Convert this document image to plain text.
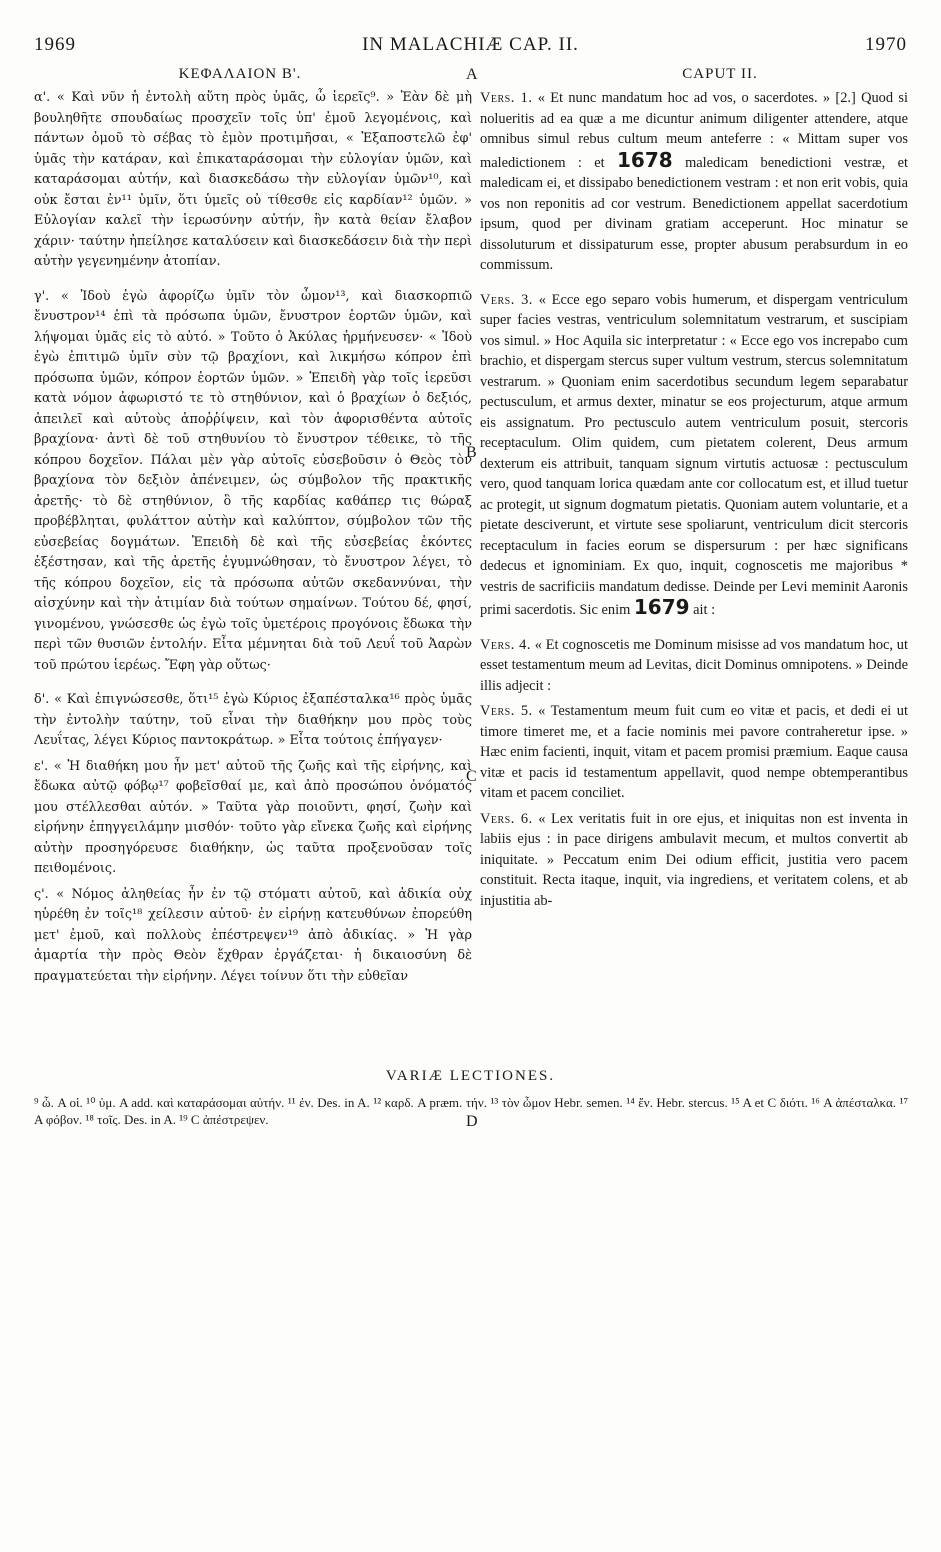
1969	IN MALACHIÆ CAP. II.	1970
ΚΕΦΑΛΑΙΟΝ Β'.	CAPUT II.
A
B
C
D

α'. « Καὶ νῦν ἡ ἐντολὴ αὕτη πρὸς ὑμᾶς, ὦ ἱερεῖς⁹. » Ἐὰν δὲ μὴ βουληθῆτε σπουδαίως προσχεῖν τοῖς ὑπ' ἐμοῦ λεγομένοις, καὶ πάντων ὁμοῦ τὸ σέβας τὸ ἐμὸν προτιμῆσαι, « Ἐξαποστελῶ ἐφ' ὑμᾶς τὴν κατάραν, καὶ ἐπικαταράσομαι τὴν εὐλογίαν ὑμῶν, καὶ καταράσομαι αὐτήν, καὶ διασκεδάσω τὴν εὐλογίαν ὑμῶν¹⁰, καὶ οὐκ ἔσται ἐν¹¹ ὑμῖν, ὅτι ὑμεῖς οὐ τίθεσθε εἰς καρδίαν¹² ὑμῶν. » Εὐλογίαν καλεῖ τὴν ἱερωσύνην αὐτήν, ἣν κατὰ θείαν ἔλαβον χάριν· ταύτην ἠπείλησε καταλύσειν καὶ διασκεδάσειν διὰ τὴν περὶ αὐτὴν γεγενημένην ἀτοπίαν.

γ'. « Ἰδοὺ ἐγὼ ἀφορίζω ὑμῖν τὸν ὦμον¹³, καὶ διασκορπιῶ ἔνυστρον¹⁴ ἐπὶ τὰ πρόσωπα ὑμῶν, ἔνυστρον ἑορτῶν ὑμῶν, καὶ λήψομαι ὑμᾶς εἰς τὸ αὐτό. » Τοῦτο ὁ Ἀκύλας ἡρμήνευσεν· « Ἰδοὺ ἐγὼ ἐπιτιμῶ ὑμῖν σὺν τῷ βραχίονι, καὶ λικμήσω κόπρον ἐπὶ πρόσωπα ὑμῶν, κόπρον ἑορτῶν ὑμῶν. » Ἐπειδὴ γὰρ τοῖς ἱερεῦσι κατὰ νόμον ἀφωριστό τε τὸ στηθύνιον, καὶ ὁ βραχίων ὁ δεξιός, ἀπειλεῖ καὶ αὐτοὺς ἀποῤῥίψειν, καὶ τὸν ἀφορισθέντα αὐτοῖς βραχίονα· ἀντὶ δὲ τοῦ στηθυνίου τὸ ἔνυστρον τέθεικε, τὸ τῆς κόπρου δοχεῖον. Πάλαι μὲν γὰρ αὐτοῖς εὐσεβοῦσιν ὁ Θεὸς τὸν βραχίονα τὸν δεξιὸν ἀπένειμεν, ὡς σύμβολον τῆς πρακτικῆς ἀρετῆς· τὸ δὲ στηθύνιον, ὃ τῆς καρδίας καθάπερ τις θώραξ προβέβληται, φυλάττον αὐτὴν καὶ καλύπτον, σύμβολον τῶν τῆς εὐσεβείας δογμάτων. Ἐπειδὴ δὲ καὶ τῆς εὐσεβείας ἑκόντες ἐξέστησαν, καὶ τῆς ἀρετῆς ἐγυμνώθησαν, τὸ ἔνυστρον λέγει, τὸ τῆς κόπρου δοχεῖον, εἰς τὰ πρόσωπα αὐτῶν σκεδαννύναι, τὴν αἰσχύνην καὶ τὴν ἀτιμίαν διὰ τούτων σημαίνων. Τούτου δέ, φησί, γινομένου, γνώσεσθε ὡς ἐγὼ τοῖς ὑμετέροις προγόνοις ἔδωκα τὴν περὶ τῶν θυσιῶν ἐντολήν. Εἶτα μέμνηται διὰ τοῦ Λευΐ τοῦ Ἀαρὼν τοῦ πρώτου ἱερέως. Ἔφη γὰρ οὕτως·

δ'. « Καὶ ἐπιγνώσεσθε, ὅτι¹⁵ ἐγὼ Κύριος ἐξαπέσταλκα¹⁶ πρὸς ὑμᾶς τὴν ἐντολὴν ταύτην, τοῦ εἶναι τὴν διαθήκην μου πρὸς τοὺς Λευΐτας, λέγει Κύριος παντοκράτωρ. » Εἶτα τούτοις ἐπήγαγεν·

ε'. « Ἡ διαθήκη μου ἦν μετ' αὐτοῦ τῆς ζωῆς καὶ τῆς εἰρήνης, καὶ ἔδωκα αὐτῷ φόβῳ¹⁷ φοβεῖσθαί με, καὶ ἀπὸ προσώπου ὀνόματός μου στέλλεσθαι αὐτόν. » Ταῦτα γὰρ ποιοῦντι, φησί, ζωὴν καὶ εἰρήνην ἐπηγγειλάμην μισθόν· τοῦτο γὰρ εἴνεκα ζωῆς καὶ εἰρήνης αὐτὴν προσηγόρευσε διαθήκην, ὡς ταῦτα προξενοῦσαν τοῖς πειθομένοις.

ς'. « Νόμος ἀληθείας ἦν ἐν τῷ στόματι αὐτοῦ, καὶ ἀδικία οὐχ ηὑρέθη ἐν τοῖς¹⁸ χείλεσιν αὐτοῦ· ἐν εἰρήνῃ κατευθύνων ἐπορεύθη μετ' ἐμοῦ, καὶ πολλοὺς ἐπέστρεψεν¹⁹ ἀπὸ ἀδικίας. » Ἡ γὰρ ἁμαρτία τὴν πρὸς Θεὸν ἔχθραν ἐργάζεται· ἡ δικαιοσύνη δὲ πραγματεύεται τὴν εἰρήνην. Λέγει τοίνυν ὅτι τὴν εὐθεῖαν

Vers. 1. « Et nunc mandatum hoc ad vos, o sacerdotes. » [2.] Quod si nolueritis ad ea quæ a me dicuntur animum diligenter attendere, atque omnibus simul rebus cultum meum anteferre : « Mittam super vos maledictionem : et 1678 maledicam benedictioni vestræ, et maledicam ei, et dissipabo benedictionem vestram : et non erit vobis, quia vos non reponitis ad cor vestrum. Benedictionem appellat sacerdotium ipsum, quod per divinam gratiam acceperunt. Hoc minatur se dissoluturum et dissipaturum esse, propter abusum perabsurdum in eo commissum.

Vers. 3. « Ecce ego separo vobis humerum, et dispergam ventriculum super facies vestras, ventriculum solemnitatum vestrarum, et suscipiam vos simul. » Hoc Aquila sic interpretatur : « Ecce ego vos increpabo cum brachio, et dispergam stercus super vultum vestrum, stercus solemnitatum vestrarum. » Quoniam enim sacerdotibus secundum legem separabatur pectusculum, et armus dexter, minatur se eos projecturum, atque armum eis assignatum. Pro pectusculo autem ventriculum posuit, stercoris receptaculum. Olim quidem, cum pietatem colerent, Deus armum dexterum eis attribuit, tanquam signum virtutis actuosæ : pectusculum vero, quod tanquam lorica quædam ante cor collocatum est, et illud tuetur ac protegit, ut signum dogmatum pietatis. Quoniam autem voluntarie, et a pietate desciverunt, et virtute sese spoliarunt, ventriculum dicit stercoris receptaculum in facies eorum se dispersurum : per hæc significans dedecus et ignominiam. Ex quo, inquit, cognoscetis me majoribus * vestris de sacrificiis mandatum dedisse. Deinde per Levi meminit Aaronis primi sacerdotis. Sic enim 1679 ait :

Vers. 4. « Et cognoscetis me Dominum misisse ad vos mandatum hoc, ut esset testamentum meum ad Levitas, dicit Dominus omnipotens. » Deinde illis adjecit :

Vers. 5. « Testamentum meum fuit cum eo vitæ et pacis, et dedi ei ut timore timeret me, et a facie nominis mei pavore contraheretur ipse. » Hæc enim facienti, inquit, vitam et pacem promisi præmium. Eaque causa vitæ et pacis id testamentum appellavit, quod nempe obtemperantibus vitam et pacem conciliet.

Vers. 6. « Lex veritatis fuit in ore ejus, et iniquitas non est inventa in labiis ejus : in pace dirigens ambulavit mecum, et multos convertit ab iniquitate. » Peccatum enim Dei odium efficit, justitia vero pacem constituit. Recta itaque, inquit, via ingrediens, et veritatem colens, et ab injustitia ab-

VARIÆ LECTIONES.
⁹ ὦ. A οἱ. ¹⁰ ὑμ. A add. καὶ καταράσομαι αὐτήν. ¹¹ ἐν. Des. in A. ¹² καρδ. A præm. τήν. ¹³ τὸν ὦμον Hebr. semen. ¹⁴ ἔν. Hebr. stercus. ¹⁵ A et C διότι. ¹⁶ A ἀπέσταλκα. ¹⁷ A φόβον. ¹⁸ τοῖς. Des. in A. ¹⁹ C ἀπέστρεψεν.
